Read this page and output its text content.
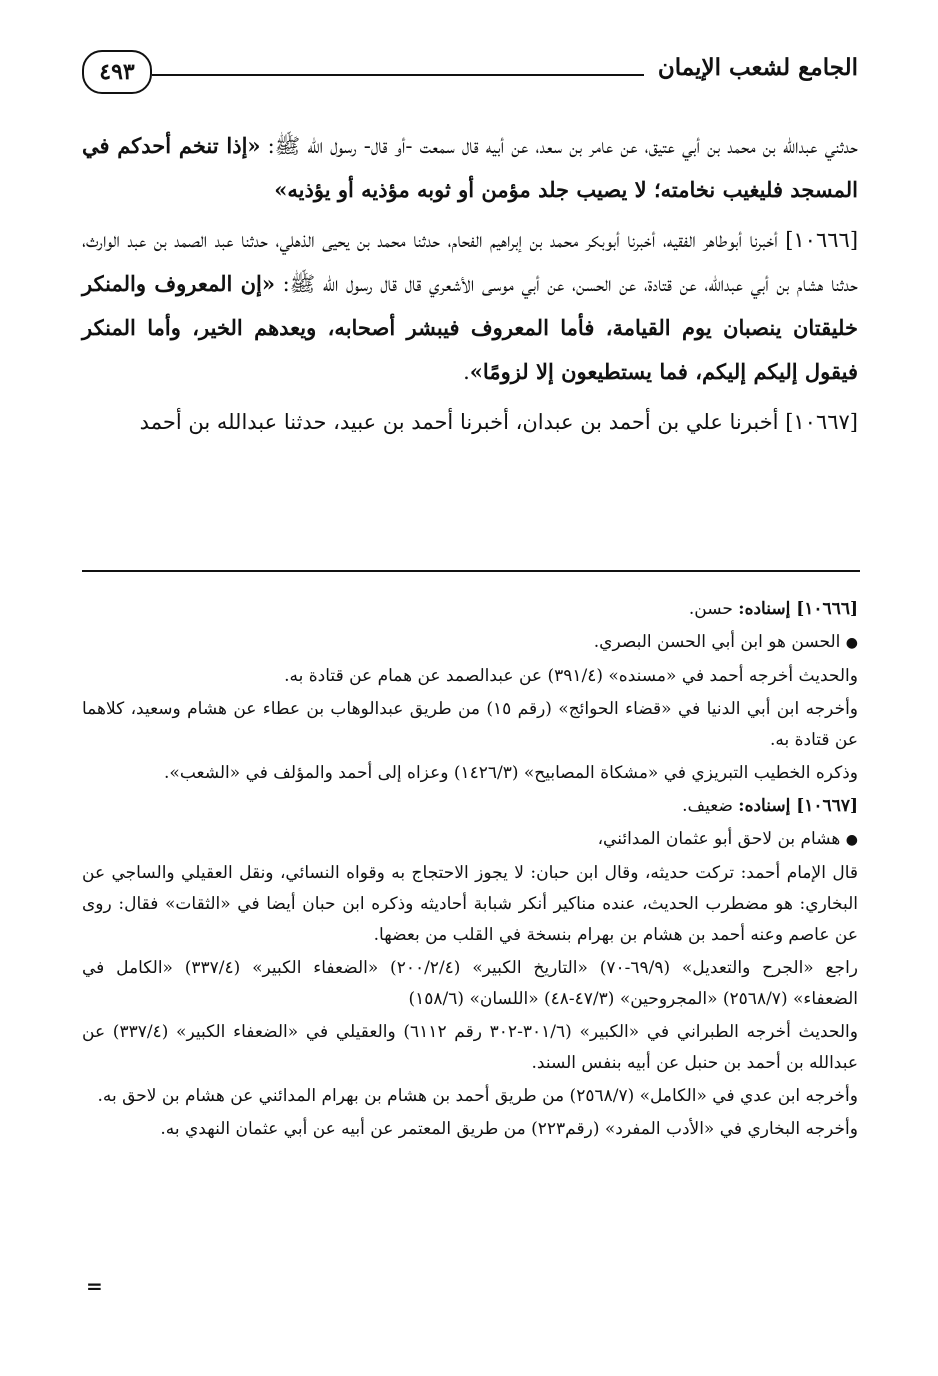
٤٩٣	الجامع لشعب الإيمان

حدثني عبدالله بن محمد بن أبي عتيق، عن عامر بن سعد، عن أبيه قال سمعت -أو قال- رسول الله ﷺ: «إذا تنخم أحدكم في المسجد فليغيب نخامته؛ لا يصيب جلد مؤمن أو ثوبه مؤذيه أو يؤذيه»

[١٠٦٦٦] أخبرنا أبوطاهر الفقيه، أخبرنا أبوبكر محمد بن إبراهيم الفحام، حدثنا محمد بن يحيى الذهلي، حدثنا عبد الصمد بن عبد الوارث، حدثنا هشام بن أبي عبدالله، عن قتادة، عن الحسن، عن أبي موسى الأشعري قال قال رسول الله ﷺ: «إن المعروف والمنكر خليقتان ينصبان يوم القيامة، فأما المعروف فيبشر أصحابه، ويعدهم الخير، وأما المنكر فيقول إليكم إليكم، فما يستطيعون إلا لزومًا».

[١٠٦٦٧] أخبرنا علي بن أحمد بن عبدان، أخبرنا أحمد بن عبيد، حدثنا عبدالله بن أحمد

[١٠٦٦٦] إسناده: حسن.

● الحسن هو ابن أبي الحسن البصري.

والحديث أخرجه أحمد في «مسنده» (٣٩١/٤) عن عبدالصمد عن همام عن قتادة به.

وأخرجه ابن أبي الدنيا في «قضاء الحوائج» (رقم ١٥) من طريق عبدالوهاب بن عطاء عن هشام وسعيد، كلاهما عن قتادة به.

وذكره الخطيب التبريزي في «مشكاة المصابيح» (١٤٢٦/٣) وعزاه إلى أحمد والمؤلف في «الشعب».

[١٠٦٦٧] إسناده: ضعيف.

● هشام بن لاحق أبو عثمان المدائني،

قال الإمام أحمد: تركت حديثه، وقال ابن حبان: لا يجوز الاحتجاج به وقواه النسائي، ونقل العقيلي والساجي عن البخاري: هو مضطرب الحديث، عنده مناكير أنكر شبابة أحاديثه وذكره ابن حبان أيضا في «الثقات» فقال: روى عن عاصم وعنه أحمد بن هشام بن بهرام بنسخة في القلب من بعضها.

راجع «الجرح والتعديل» (٦٩/٩-٧٠) «التاريخ الكبير» (٢٠٠/٢/٤) «الضعفاء الكبير» (٣٣٧/٤) «الكامل في الضعفاء» (٢٥٦٨/٧) «المجروحين» (٤٧/٣-٤٨) «اللسان» (١٥٨/٦)

والحديث أخرجه الطبراني في «الكبير» (٣٠١/٦-٣٠٢ رقم ٦١١٢) والعقيلي في «الضعفاء الكبير» (٣٣٧/٤) عن عبدالله بن أحمد بن حنبل عن أبيه بنفس السند.

وأخرجه ابن عدي في «الكامل» (٢٥٦٨/٧) من طريق أحمد بن هشام بن بهرام المدائني عن هشام بن لاحق به.

وأخرجه البخاري في «الأدب المفرد» (رقم٢٢٣) من طريق المعتمر عن أبيه عن أبي عثمان النهدي به.

=
